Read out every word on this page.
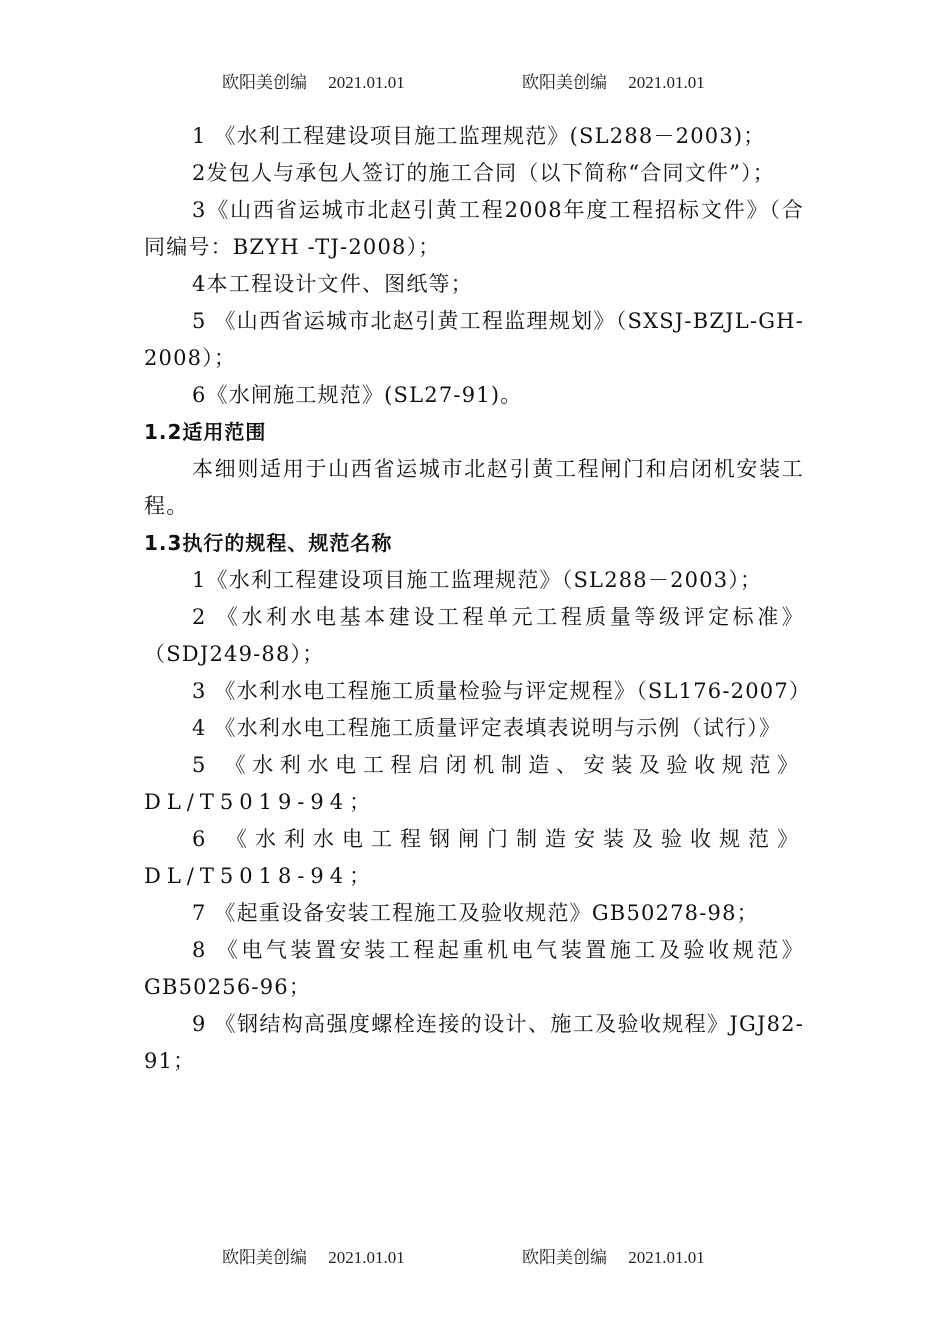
欧阳美创编     2021.01.01	欧阳美创编     2021.01.01

1 《水利工程建设项目施工监理规范》(SL288－2003)；

2发包人与承包人签订的施工合同（以下简称“合同文件”）；

3《山西省运城市北赵引黄工程2008年度工程招标文件》（合同编号：BZYH -TJ-2008）；

4本工程设计文件、图纸等；

5 《山西省运城市北赵引黄工程监理规划》（SXSJ-BZJL-GH-2008）；

6《水闸施工规范》(SL27-91)。

1.2适用范围

本细则适用于山西省运城市北赵引黄工程闸门和启闭机安装工程。

1.3执行的规程、规范名称

1《水利工程建设项目施工监理规范》（SL288－2003）；

2 《水利水电基本建设工程单元工程质量等级评定标准》（SDJ249-88）；

3 《水利水电工程施工质量检验与评定规程》（SL176-2007）

4 《水利水电工程施工质量评定表填表说明与示例（试行）》

5 《水利水电工程启闭机制造、安装及验收规范》DL/T5019-94；

6 《水利水电工程钢闸门制造安装及验收规范》DL/T5018-94；

7 《起重设备安装工程施工及验收规范》GB50278-98；

8 《电气装置安装工程起重机电气装置施工及验收规范》GB50256-96；

9 《钢结构高强度螺栓连接的设计、施工及验收规程》JGJ82-91；

欧阳美创编     2021.01.01	欧阳美创编     2021.01.01
